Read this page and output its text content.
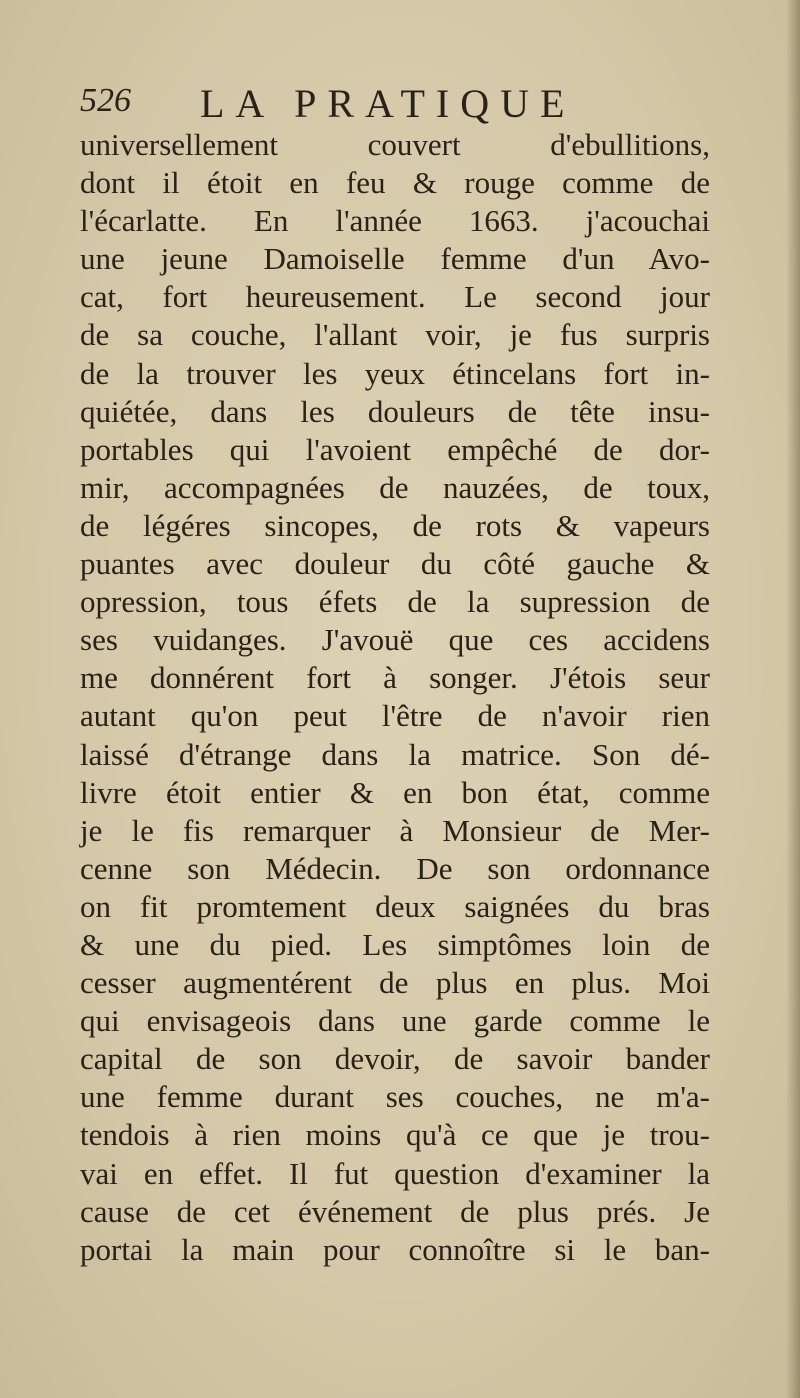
526 LA PRATIQUE
universellement couvert d'ebullitions,
dont il étoit en feu & rouge comme de
l'écarlatte. En l'année 1663. j'acouchai
une jeune Damoiselle femme d'un Avo-
cat, fort heureusement. Le second jour
de sa couche, l'allant voir, je fus surpris
de la trouver les yeux étincelans fort in-
quiétée, dans les douleurs de tête insu-
portables qui l'avoient empêché de dor-
mir, accompagnées de nauzées, de toux,
de légéres sincopes, de rots & vapeurs
puantes avec douleur du côté gauche &
opression, tous éfets de la supression de
ses vuidanges. J'avouë que ces accidens
me donnérent fort à songer. J'étois seur
autant qu'on peut l'être de n'avoir rien
laissé d'étrange dans la matrice. Son dé-
livre étoit entier & en bon état, comme
je le fis remarquer à Monsieur de Mer-
cenne son Médecin. De son ordonnance
on fit promtement deux saignées du bras
& une du pied. Les simptômes loin de
cesser augmentérent de plus en plus. Moi
qui envisageois dans une garde comme le
capital de son devoir, de savoir bander
une femme durant ses couches, ne m'a-
tendois à rien moins qu'à ce que je trou-
vai en effet. Il fut question d'examiner la
cause de cet événement de plus prés. Je
portai la main pour connoître si le ban-
